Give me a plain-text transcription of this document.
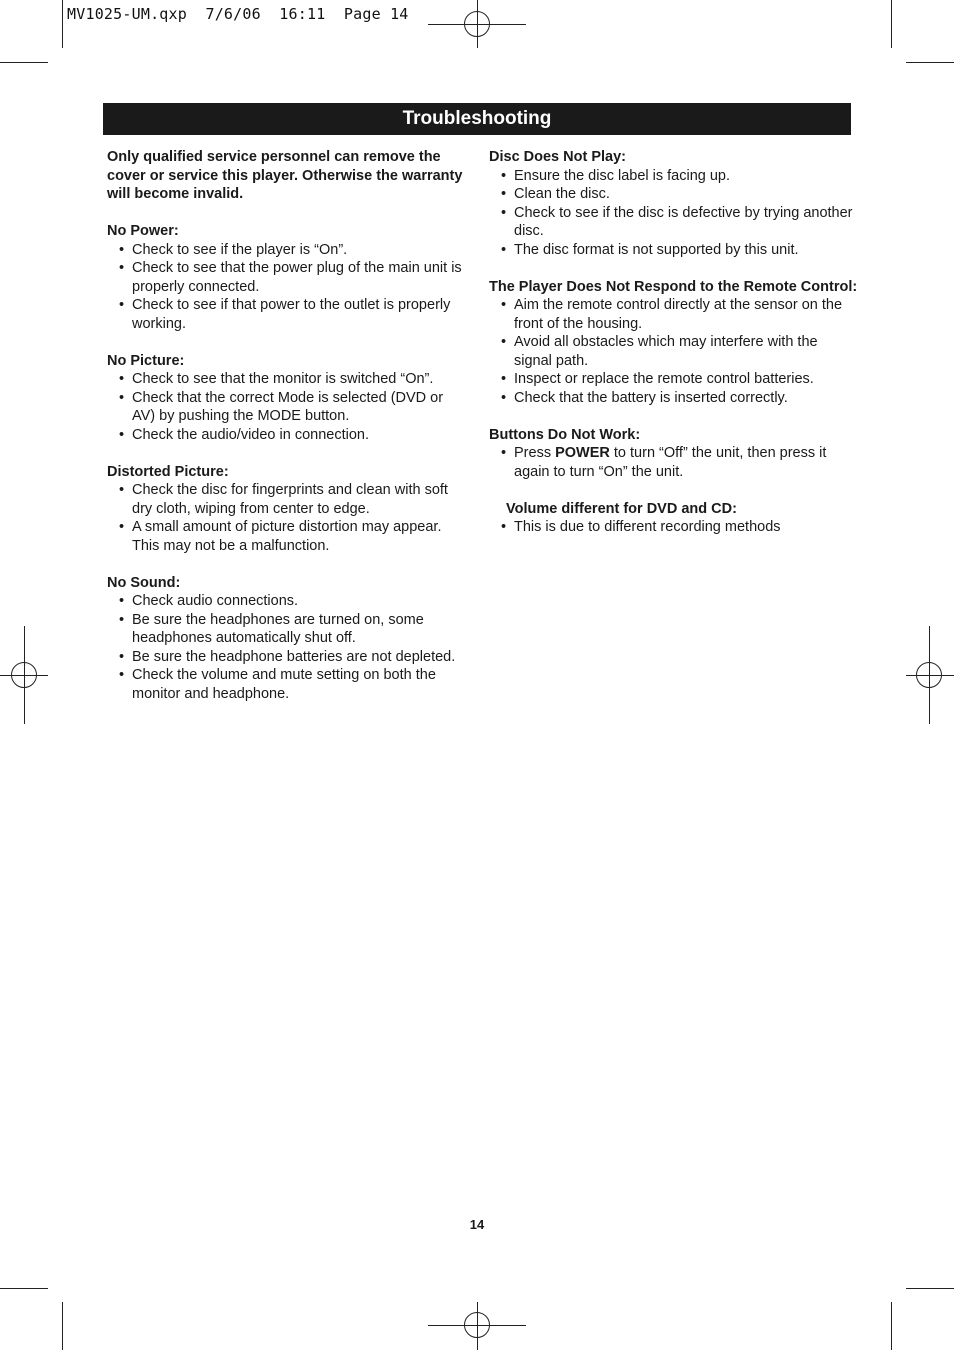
MV1025-UM.qxp  7/6/06  16:11  Page 14
Troubleshooting
Only qualified service personnel can remove the cover or service this player. Otherwise the warranty will become invalid.
No Power:
• Check to see if the player is “On”.
• Check to see that the power plug of the main unit is properly connected.
• Check to see if that power to the outlet is properly working.
No Picture:
• Check to see that the monitor is switched “On”.
• Check that the correct Mode is selected (DVD or AV) by pushing the MODE button.
• Check the audio/video in connection.
Distorted Picture:
• Check the disc for fingerprints and clean with soft dry cloth, wiping from center to edge.
• A small amount of picture distortion may appear. This may not be a malfunction.
No Sound:
• Check audio connections.
• Be sure the headphones are turned on, some headphones automatically shut off.
• Be sure the headphone batteries are not depleted.
• Check the volume and mute setting on both the monitor and headphone.
Disc Does Not Play:
• Ensure the disc label is facing up.
• Clean the disc.
• Check to see if the disc is defective by trying another disc.
• The disc format is not supported by this unit.
The Player Does Not Respond to the Remote Control:
• Aim the remote control directly at the sensor on the front of the housing.
• Avoid all obstacles which may interfere with the signal path.
• Inspect or replace the remote control batteries.
• Check that the battery is inserted correctly.
Buttons Do Not Work:
• Press POWER to turn “Off” the unit, then press it again to turn “On” the unit.
Volume different for DVD and CD:
• This is due to different recording methods
14
